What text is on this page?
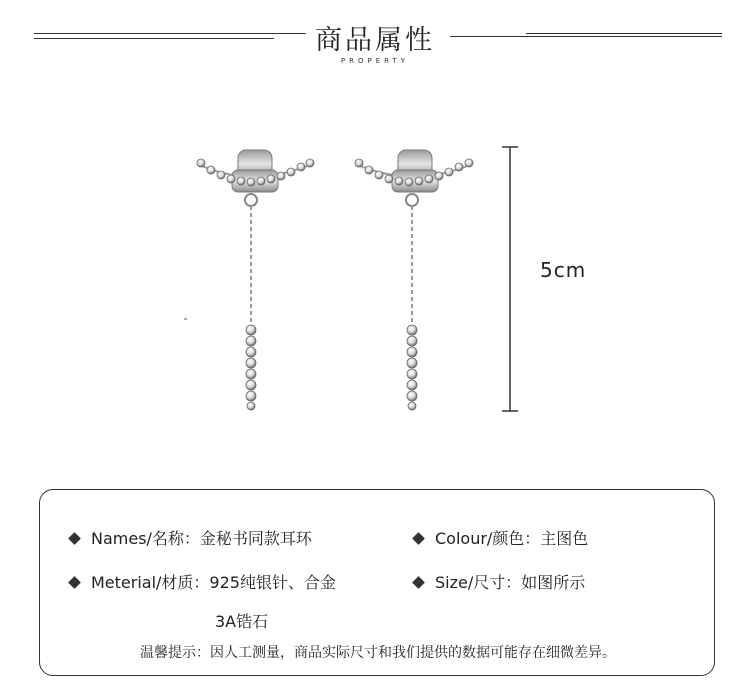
商品属性
PROPERTY
5cm
Names/名称：金秘书同款耳环	Colour/颜色：主图色
Meterial/材质：925纯银针、合金	Size/尺寸：如图所示
3A锆石
温馨提示：因人工测量，商品实际尺寸和我们提供的数据可能存在细微差异。
